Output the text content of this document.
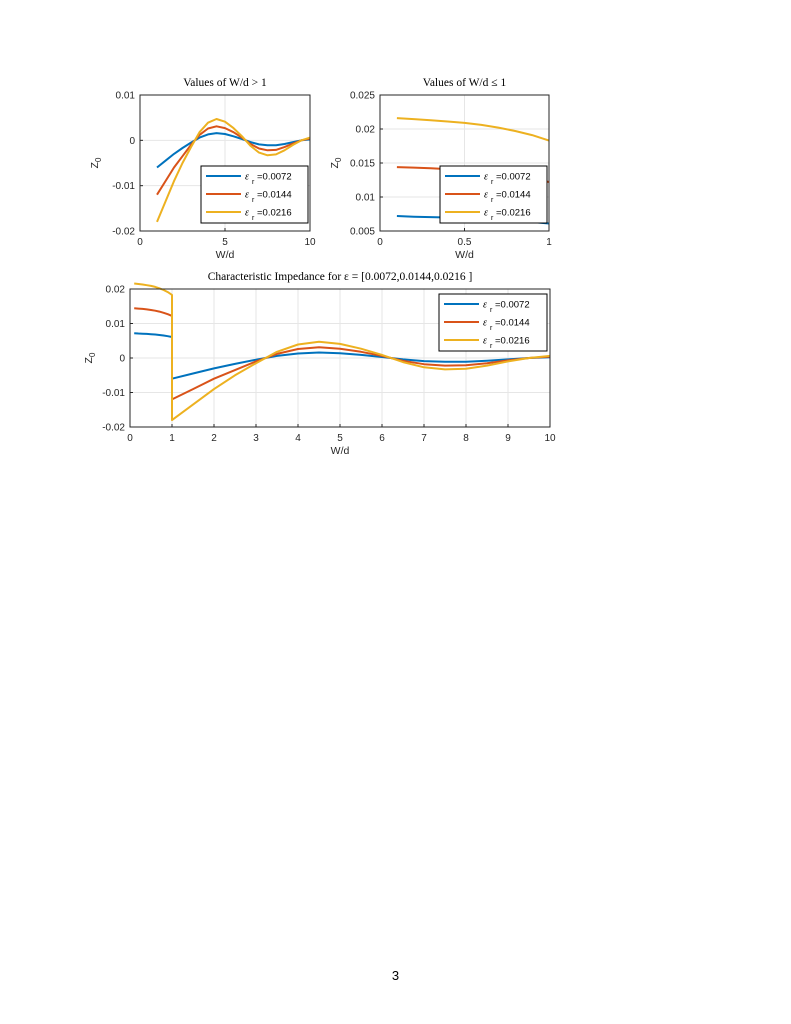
0	5	10
-0.02
-0.01
0
0.01
Values of W/d > 1
W/d
$Z_0$
ε r =0.0072
ε r =0.0144
ε r =0.0216
0	0.5	1
0.005
0.01
0.015
0.02
0.025
Values of W/d ≤ 1
W/d
$Z_0$
ε r =0.0072
ε r =0.0144
ε r =0.0216
0	1	2	3	4	5	6	7	8	9	10
-0.02
-0.01
0
0.01
0.02
Characteristic Impedance for ε = [0.0072,0.0144,0.0216 ]
W/d
$Z_0$
ε r =0.0072
ε r =0.0144
ε r =0.0216
3
